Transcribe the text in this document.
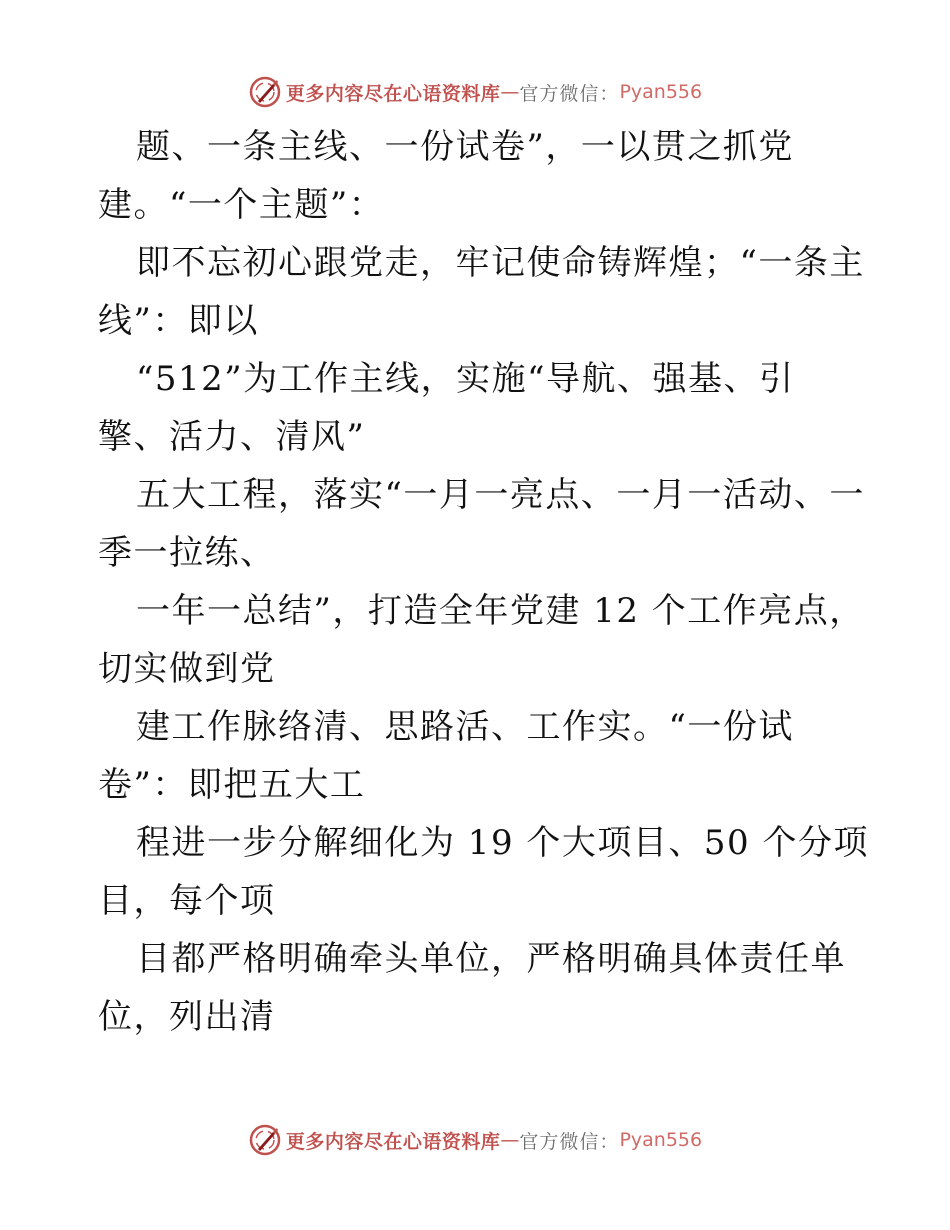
更多内容尽在心语资料库 — 官方微信： Pyan556
题、一条主线、一份试卷”，一以贯之抓党
建。“一个主题”：
即不忘初心跟党走，牢记使命铸辉煌；“一条主
线”：即以
“512”为工作主线，实施“导航、强基、引
擎、活力、清风”
五大工程，落实“一月一亮点、一月一活动、一
季一拉练、
一年一总结”，打造全年党建 12 个工作亮点，
切实做到党
建工作脉络清、思路活、工作实。“一份试
卷”：即把五大工
程进一步分解细化为 19 个大项目、50 个分项
目，每个项
目都严格明确牵头单位，严格明确具体责任单
位，列出清
更多内容尽在心语资料库 — 官方微信： Pyan556
